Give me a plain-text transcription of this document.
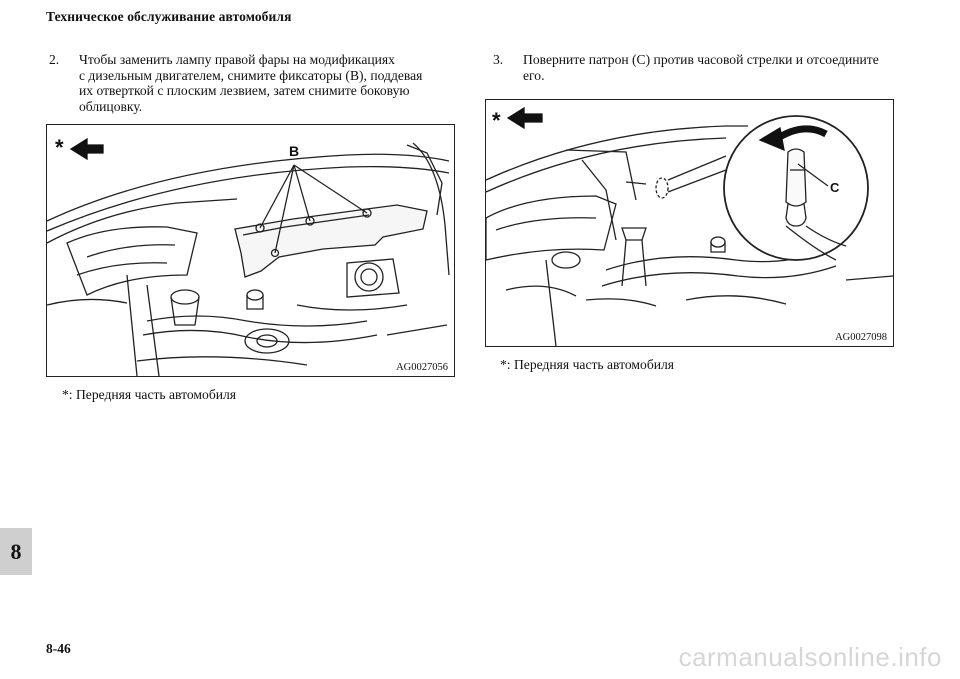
Техническое обслуживание автомобиля
2. Чтобы заменить лампу правой фары на модификациях
с дизельным двигателем, снимите фиксаторы (B), поддевая
их отверткой с плоским лезвием, затем снимите боковую
облицовку.
B
*
AG0027056
*: Передняя часть автомобиля
3. Поверните патрон (C) против часовой стрелки и отсоедините
его.
C
*
AG0027098
*: Передняя часть автомобиля
8
8-46	carmanualsonline.info
